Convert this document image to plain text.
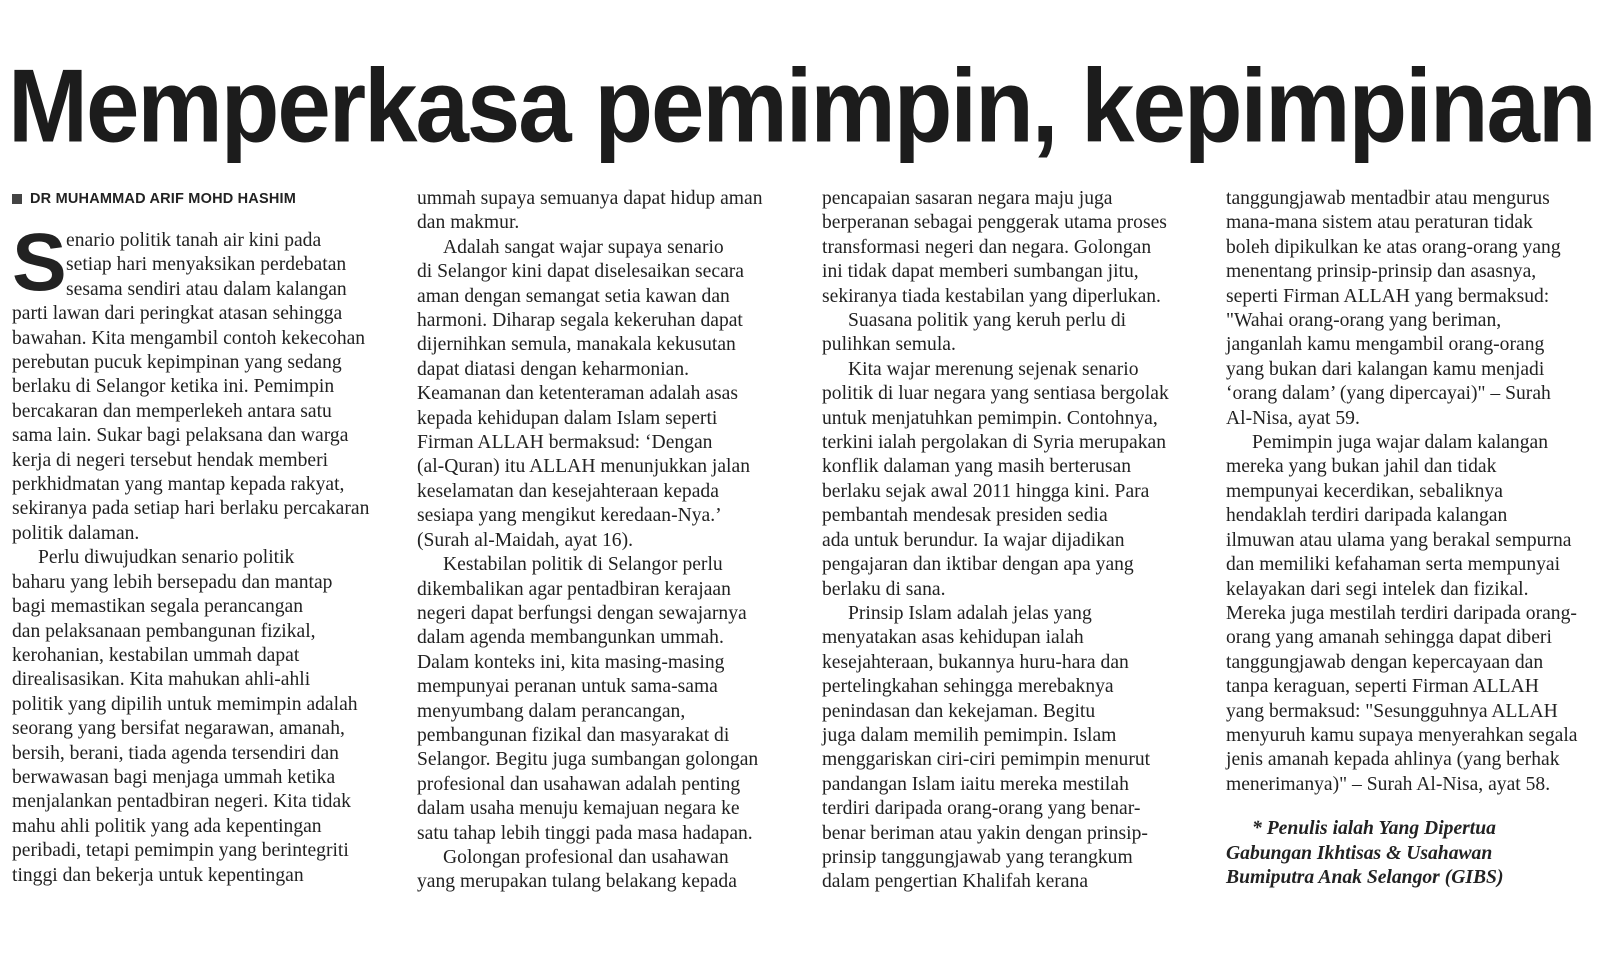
Memperkasa pemimpin, kepimpinan
DR MUHAMMAD ARIF MOHD HASHIM
S enario politik tanah air kini pada
setiap hari menyaksikan perdebatan
sesama sendiri atau dalam kalangan
parti lawan dari peringkat atasan sehingga
bawahan. Kita mengambil contoh kekecohan
perebutan pucuk kepimpinan yang sedang
berlaku di Selangor ketika ini. Pemimpin
bercakaran dan memperlekeh antara satu
sama lain. Sukar bagi pelaksana dan warga
kerja di negeri tersebut hendak memberi
perkhidmatan yang mantap kepada rakyat,
sekiranya pada setiap hari berlaku percakaran
politik dalaman.
Perlu diwujudkan senario politik
baharu yang lebih bersepadu dan mantap
bagi memastikan segala perancangan
dan pelaksanaan pembangunan fizikal,
kerohanian, kestabilan ummah dapat
direalisasikan. Kita mahukan ahli-ahli
politik yang dipilih untuk memimpin adalah
seorang yang bersifat negarawan, amanah,
bersih, berani, tiada agenda tersendiri dan
berwawasan bagi menjaga ummah ketika
menjalankan pentadbiran negeri. Kita tidak
mahu ahli politik yang ada kepentingan
peribadi, tetapi pemimpin yang berintegriti
tinggi dan bekerja untuk kepentingan
ummah supaya semuanya dapat hidup aman
dan makmur.
Adalah sangat wajar supaya senario
di Selangor kini dapat diselesaikan secara
aman dengan semangat setia kawan dan
harmoni. Diharap segala kekeruhan dapat
dijernihkan semula, manakala kekusutan
dapat diatasi dengan keharmonian.
Keamanan dan ketenteraman adalah asas
kepada kehidupan dalam Islam seperti
Firman ALLAH bermaksud: ‘Dengan
(al-Quran) itu ALLAH menunjukkan jalan
keselamatan dan kesejahteraan kepada
sesiapa yang mengikut keredaan-Nya.’
(Surah al-Maidah, ayat 16).
Kestabilan politik di Selangor perlu
dikembalikan agar pentadbiran kerajaan
negeri dapat berfungsi dengan sewajarnya
dalam agenda membangunkan ummah.
Dalam konteks ini, kita masing-masing
mempunyai peranan untuk sama-sama
menyumbang dalam perancangan,
pembangunan fizikal dan masyarakat di
Selangor. Begitu juga sumbangan golongan
profesional dan usahawan adalah penting
dalam usaha menuju kemajuan negara ke
satu tahap lebih tinggi pada masa hadapan.
Golongan profesional dan usahawan
yang merupakan tulang belakang kepada
pencapaian sasaran negara maju juga
berperanan sebagai penggerak utama proses
transformasi negeri dan negara. Golongan
ini tidak dapat memberi sumbangan jitu,
sekiranya tiada kestabilan yang diperlukan.
Suasana politik yang keruh perlu di
pulihkan semula.
Kita wajar merenung sejenak senario
politik di luar negara yang sentiasa bergolak
untuk menjatuhkan pemimpin. Contohnya,
terkini ialah pergolakan di Syria merupakan
konflik dalaman yang masih berterusan
berlaku sejak awal 2011 hingga kini. Para
pembantah mendesak presiden sedia
ada untuk berundur. Ia wajar dijadikan
pengajaran dan iktibar dengan apa yang
berlaku di sana.
Prinsip Islam adalah jelas yang
menyatakan asas kehidupan ialah
kesejahteraan, bukannya huru-hara dan
pertelingkahan sehingga merebaknya
penindasan dan kekejaman. Begitu
juga dalam memilih pemimpin. Islam
menggariskan ciri-ciri pemimpin menurut
pandangan Islam iaitu mereka mestilah
terdiri daripada orang-orang yang benar-
benar beriman atau yakin dengan prinsip-
prinsip tanggungjawab yang terangkum
dalam pengertian Khalifah kerana
tanggungjawab mentadbir atau mengurus
mana-mana sistem atau peraturan tidak
boleh dipikulkan ke atas orang-orang yang
menentang prinsip-prinsip dan asasnya,
seperti Firman ALLAH yang bermaksud:
"Wahai orang-orang yang beriman,
janganlah kamu mengambil orang-orang
yang bukan dari kalangan kamu menjadi
‘orang dalam’ (yang dipercayai)" – Surah
Al-Nisa, ayat 59.
Pemimpin juga wajar dalam kalangan
mereka yang bukan jahil dan tidak
mempunyai kecerdikan, sebaliknya
hendaklah terdiri daripada kalangan
ilmuwan atau ulama yang berakal sempurna
dan memiliki kefahaman serta mempunyai
kelayakan dari segi intelek dan fizikal.
Mereka juga mestilah terdiri daripada orang-
orang yang amanah sehingga dapat diberi
tanggungjawab dengan kepercayaan dan
tanpa keraguan, seperti Firman ALLAH
yang bermaksud: "Sesungguhnya ALLAH
menyuruh kamu supaya menyerahkan segala
jenis amanah kepada ahlinya (yang berhak
menerimanya)" – Surah Al-Nisa, ayat 58.
* Penulis ialah Yang Dipertua
Gabungan Ikhtisas & Usahawan
Bumiputra Anak Selangor (GIBS)
